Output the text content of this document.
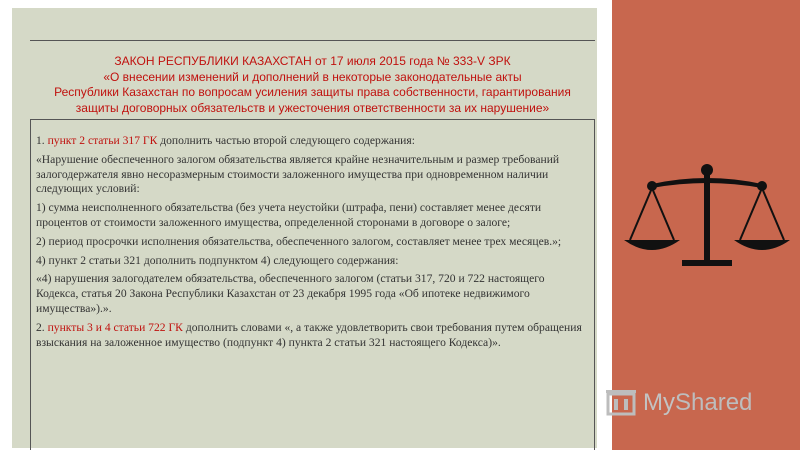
ЗАКОН РЕСПУБЛИКИ КАЗАХСТАН от 17 июля 2015 года № 333-V ЗРК
«О внесении изменений и дополнений в некоторые законодательные акты
Республики Казахстан по вопросам усиления защиты права собственности, гарантирования
защиты договорных обязательств и ужесточения ответственности за их нарушение»

1. пункт 2 статьи 317 ГК дополнить частью второй следующего содержания:

«Нарушение обеспеченного залогом обязательства является крайне незначительным и размер требований залогодержателя явно несоразмерным стоимости заложенного имущества при одновременном наличии следующих условий:

1) сумма неисполненного обязательства (без учета неустойки (штрафа, пени) составляет менее десяти процентов от стоимости заложенного имущества, определенной сторонами в договоре о залоге;

2) период просрочки исполнения обязательства, обеспеченного залогом, составляет менее трех месяцев.»;

4) пункт 2 статьи 321 дополнить подпунктом 4) следующего содержания:

«4) нарушения залогодателем обязательства, обеспеченного залогом (статьи 317, 720 и 722 настоящего Кодекса, статья 20 Закона Республики Казахстан от 23 декабря 1995 года «Об ипотеке недвижимого имущества»).».

2. пункты 3 и 4 статьи 722 ГК дополнить словами «, а также удовлетворить свои требования путем обращения взыскания на заложенное имущество (подпункт 4) пункта 2 статьи 321 настоящего Кодекса)».

MyShared
